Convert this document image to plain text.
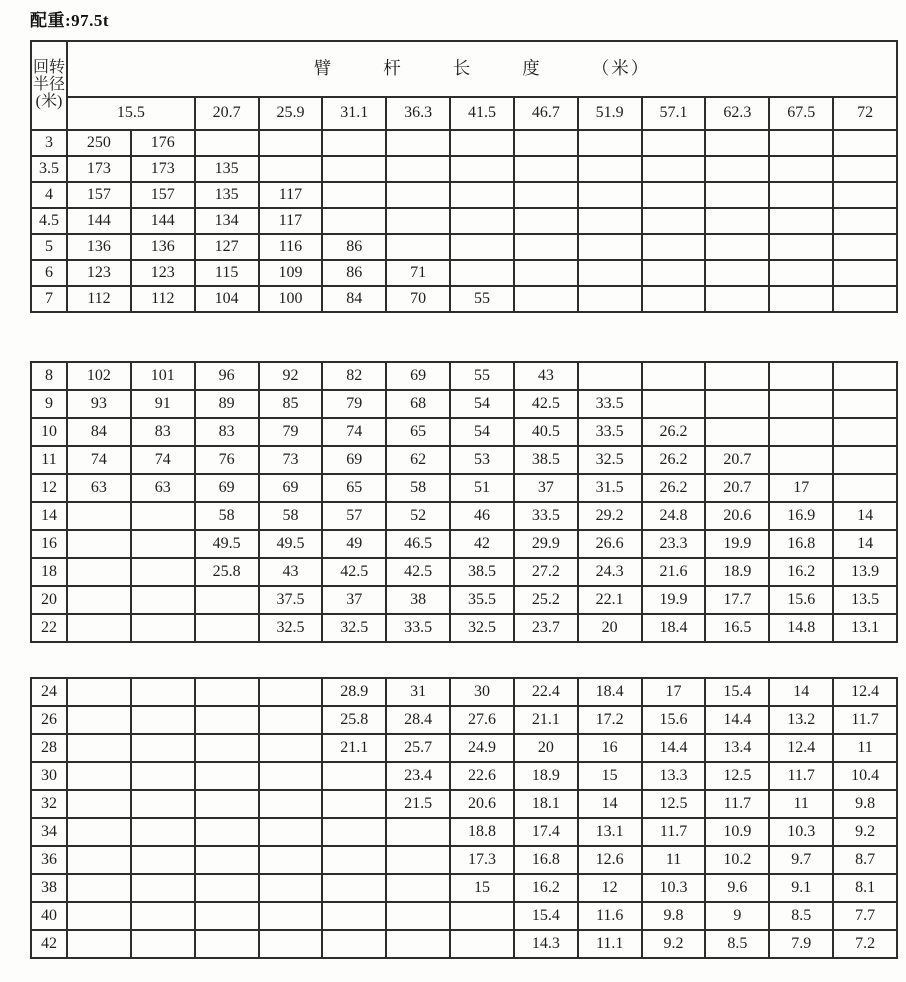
配重:97.5t
回转
半径
(米)	臂杆长度（米）												
	15.5		20.7	25.9	31.1	36.3	41.5	46.7	51.9	57.1	62.3	67.5	72
3	250	176											
3.5	173	173	135										
4	157	157	135	117									
4.5	144	144	134	117									
5	136	136	127	116	86								
6	123	123	115	109	86	71							
7	112	112	104	100	84	70	55						
8	102	101	96	92	82	69	55	43					
9	93	91	89	85	79	68	54	42.5	33.5				
10	84	83	83	79	74	65	54	40.5	33.5	26.2			
11	74	74	76	73	69	62	53	38.5	32.5	26.2	20.7		
12	63	63	69	69	65	58	51	37	31.5	26.2	20.7	17	
14			58	58	57	52	46	33.5	29.2	24.8	20.6	16.9	14
16			49.5	49.5	49	46.5	42	29.9	26.6	23.3	19.9	16.8	14
18			25.8	43	42.5	42.5	38.5	27.2	24.3	21.6	18.9	16.2	13.9
20				37.5	37	38	35.5	25.2	22.1	19.9	17.7	15.6	13.5
22				32.5	32.5	33.5	32.5	23.7	20	18.4	16.5	14.8	13.1
24					28.9	31	30	22.4	18.4	17	15.4	14	12.4
26					25.8	28.4	27.6	21.1	17.2	15.6	14.4	13.2	11.7
28					21.1	25.7	24.9	20	16	14.4	13.4	12.4	11
30						23.4	22.6	18.9	15	13.3	12.5	11.7	10.4
32						21.5	20.6	18.1	14	12.5	11.7	11	9.8
34							18.8	17.4	13.1	11.7	10.9	10.3	9.2
36							17.3	16.8	12.6	11	10.2	9.7	8.7
38							15	16.2	12	10.3	9.6	9.1	8.1
40								15.4	11.6	9.8	9	8.5	7.7
42								14.3	11.1	9.2	8.5	7.9	7.2
